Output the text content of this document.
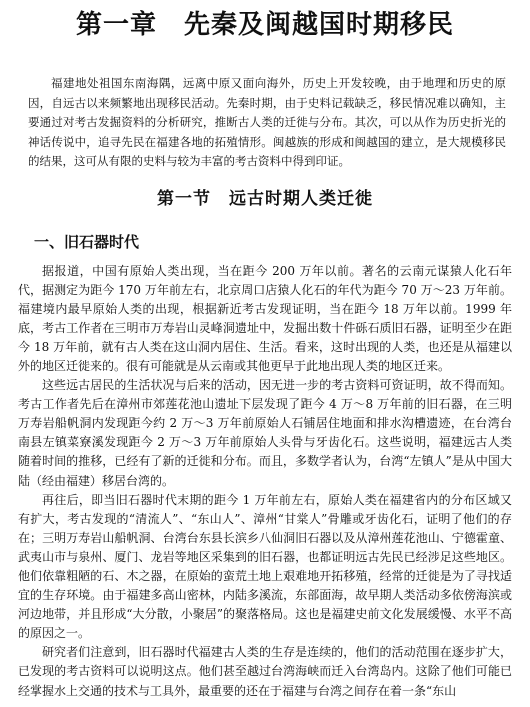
第一章　先秦及闽越国时期移民

福建地处祖国东南海隅，远离中原又面向海外，历史上开发较晚，由于地理和历史的原因，自远古以来频繁地出现移民活动。先秦时期，由于史料记载缺乏，移民情况难以确知，主要通过对考古发掘资料的分析研究，推断古人类的迁徙与分布。其次，可以从作为历史折光的神话传说中，追寻先民在福建各地的拓殖情形。闽越族的形成和闽越国的建立，是大规模移民的结果，这可从有限的史料与较为丰富的考古资料中得到印证。

第一节　远古时期人类迁徙
一、旧石器时代

据报道，中国有原始人类出现，当在距今 200 万年以前。著名的云南元谋猿人化石年代，据测定为距今 170 万年前左右，北京周口店猿人化石的年代为距今 70 万～23 万年前。福建境内最早原始人类的出现，根据新近考古发现证明，当在距今 18 万年以前。1999 年底，考古工作者在三明市万寿岩山灵峰洞遗址中，发掘出数十件砾石质旧石器，证明至少在距今 18 万年前，就有古人类在这山洞内居住、生活。看来，这时出现的人类，也还是从福建以外的地区迁徙来的。很有可能就是从云南或其他更早于此地出现人类的地区迁来。

这些远古居民的生活状况与后来的活动，因无进一步的考古资料可资证明，故不得而知。考古工作者先后在漳州市郊莲花池山遗址下层发现了距今 4 万～8 万年前的旧石器，在三明万寿岩船帆洞内发现距今约 2 万～3 万年前原始人石铺居住地面和排水沟槽遗迹，在台湾台南县左镇菜寮溪发现距今 2 万～3 万年前原始人头骨与牙齿化石。这些说明，福建远古人类随着时间的推移，已经有了新的迁徙和分布。而且，多数学者认为，台湾“左镇人”是从中国大陆（经由福建）移居台湾的。

再往后，即当旧石器时代末期的距今 1 万年前左右，原始人类在福建省内的分布区域又有扩大，考古发现的“清流人”、“东山人”、漳州“甘棠人”骨雕或牙齿化石，证明了他们的存在；三明万寿岩山船帆洞、台湾台东县长滨乡八仙洞旧石器以及从漳州莲花池山、宁德霍童、武夷山市与泉州、厦门、龙岩等地区采集到的旧石器，也都证明远古先民已经涉足这些地区。他们依靠粗陋的石、木之器，在原始的蛮荒土地上艰难地开拓移殖，经常的迁徙是为了寻找适宜的生存环境。由于福建多高山密林，内陆多溪流，东部面海，故早期人类活动多依傍海滨或河边地带，并且形成“大分散，小聚居”的聚落格局。这也是福建史前文化发展缓慢、水平不高的原因之一。

研究者们注意到，旧石器时代福建古人类的生存是连续的，他们的活动范围在逐步扩大，已发现的考古资料可以说明这点。他们甚至越过台湾海峡而迁入台湾岛内。这除了他们可能已经掌握水上交通的技术与工具外，最重要的还在于福建与台湾之间存在着一条“东山
